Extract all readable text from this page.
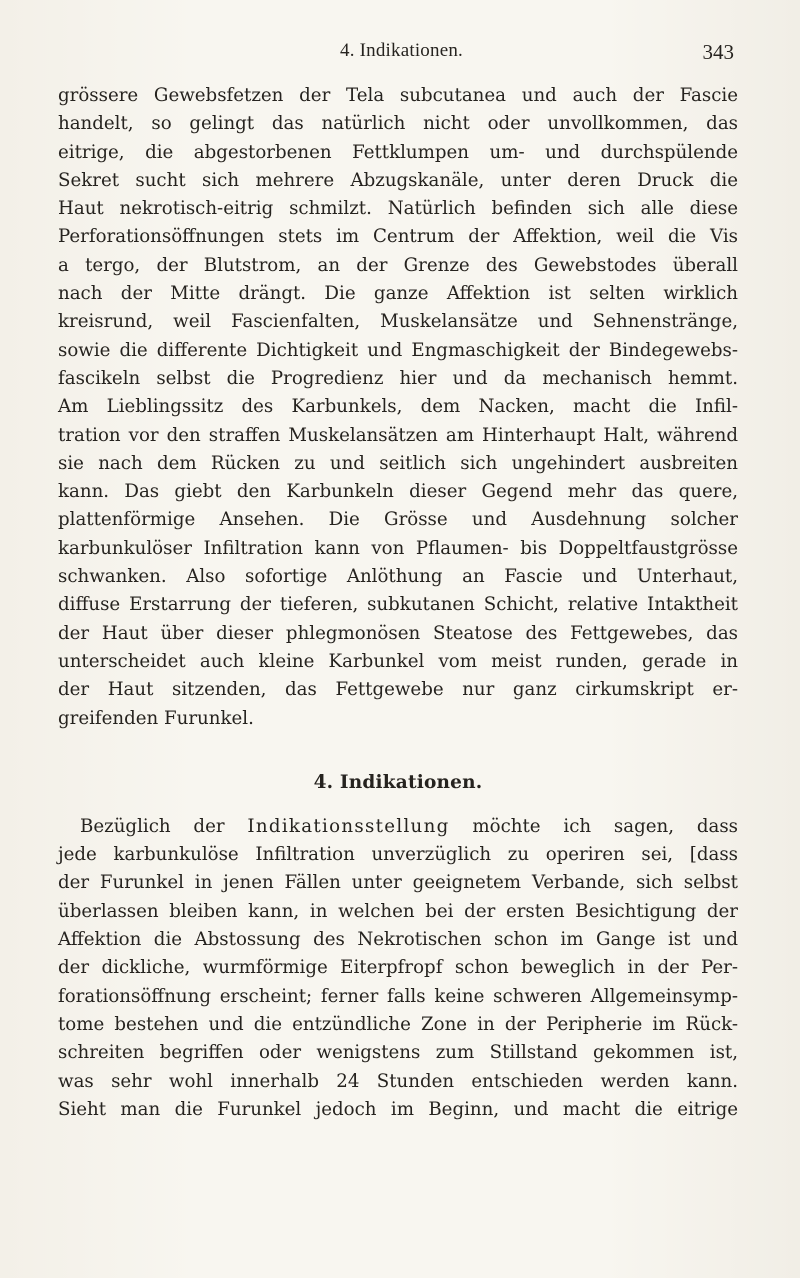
4. Indikationen.	343
grössere Gewebsfetzen der Tela subcutanea und auch der Fascie
handelt, so gelingt das natürlich nicht oder unvollkommen, das
eitrige, die abgestorbenen Fettklumpen um- und durchspülende
Sekret sucht sich mehrere Abzugskanäle, unter deren Druck die
Haut nekrotisch-eitrig schmilzt. Natürlich befinden sich alle diese
Perforationsöffnungen stets im Centrum der Affektion, weil die Vis
a tergo, der Blutstrom, an der Grenze des Gewebstodes überall
nach der Mitte drängt. Die ganze Affektion ist selten wirklich
kreisrund, weil Fascienfalten, Muskelansätze und Sehnenstränge,
sowie die differente Dichtigkeit und Engmaschigkeit der Bindegewebs-
fascikeln selbst die Progredienz hier und da mechanisch hemmt.
Am Lieblingssitz des Karbunkels, dem Nacken, macht die Infil-
tration vor den straffen Muskelansätzen am Hinterhaupt Halt, während
sie nach dem Rücken zu und seitlich sich ungehindert ausbreiten
kann. Das giebt den Karbunkeln dieser Gegend mehr das quere,
plattenförmige Ansehen. Die Grösse und Ausdehnung solcher
karbunkulöser Infiltration kann von Pflaumen- bis Doppeltfaustgrösse
schwanken. Also sofortige Anlöthung an Fascie und Unterhaut,
diffuse Erstarrung der tieferen, subkutanen Schicht, relative Intaktheit
der Haut über dieser phlegmonösen Steatose des Fettgewebes, das
unterscheidet auch kleine Karbunkel vom meist runden, gerade in
der Haut sitzenden, das Fettgewebe nur ganz cirkumskript er-
greifenden Furunkel.
4. Indikationen.
Bezüglich der Indikationsstellung möchte ich sagen, dass
jede karbunkulöse Infiltration unverzüglich zu operiren sei, [dass
der Furunkel in jenen Fällen unter geeignetem Verbande, sich selbst
überlassen bleiben kann, in welchen bei der ersten Besichtigung der
Affektion die Abstossung des Nekrotischen schon im Gange ist und
der dickliche, wurmförmige Eiterpfropf schon beweglich in der Per-
forationsöffnung erscheint; ferner falls keine schweren Allgemeinsymp-
tome bestehen und die entzündliche Zone in der Peripherie im Rück-
schreiten begriffen oder wenigstens zum Stillstand gekommen ist,
was sehr wohl innerhalb 24 Stunden entschieden werden kann.
Sieht man die Furunkel jedoch im Beginn, und macht die eitrige
